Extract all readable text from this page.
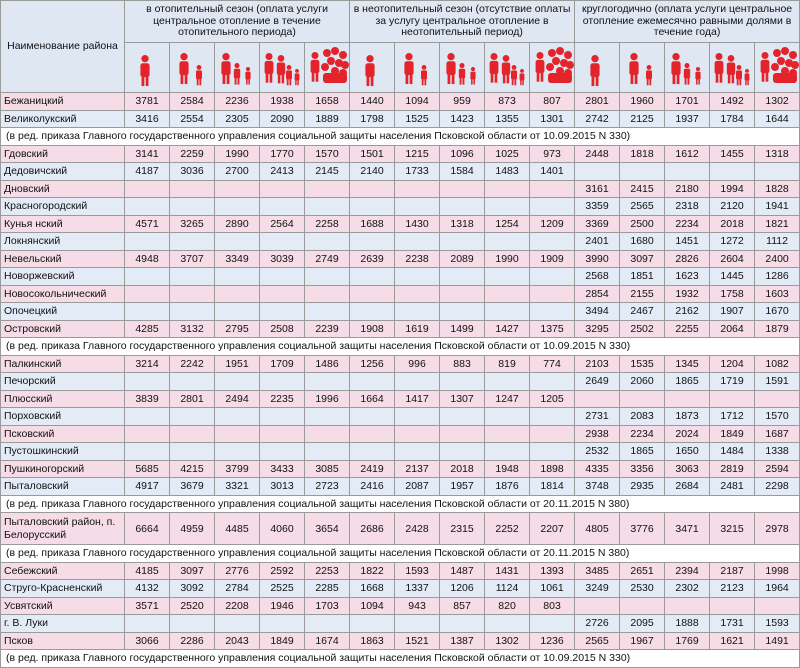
Наименование района	в отопительный сезон (оплата услуги центральное отопление в течение отопительного периода)					в неотопительный сезон (отсутствие оплаты за услугу центральное отопление в неотопительный период)					круглогодично (оплата услуги центральное отопление ежемесячно равными долями в течение года)				

Бежаницкий	3781	2584	2236	1938	1658	1440	1094	959	873	807	2801	1960	1701	1492	1302
Великолукский	3416	2554	2305	2090	1889	1798	1525	1423	1355	1301	2742	2125	1937	1784	1644
(в ред. приказа Главного государственного управления социальной защиты населения Псковской области от 10.09.2015 N 330)															
Гдовский	3141	2259	1990	1770	1570	1501	1215	1096	1025	973	2448	1818	1612	1455	1318
Дедовичский	4187	3036	2700	2413	2145	2140	1733	1584	1483	1401					
Дновский											3161	2415	2180	1994	1828
Красногородский											3359	2565	2318	2120	1941
Кунья нский	4571	3265	2890	2564	2258	1688	1430	1318	1254	1209	3369	2500	2234	2018	1821
Локнянский											2401	1680	1451	1272	1112
Невельский	4948	3707	3349	3039	2749	2639	2238	2089	1990	1909	3990	3097	2826	2604	2400
Новоржевский											2568	1851	1623	1445	1286
Новосокольнический											2854	2155	1932	1758	1603
Опочецкий											3494	2467	2162	1907	1670
Островский	4285	3132	2795	2508	2239	1908	1619	1499	1427	1375	3295	2502	2255	2064	1879
(в ред. приказа Главного государственного управления социальной защиты населения Псковской области от 10.09.2015 N 330)															
Палкинский	3214	2242	1951	1709	1486	1256	996	883	819	774	2103	1535	1345	1204	1082
Печорский											2649	2060	1865	1719	1591
Плюсский	3839	2801	2494	2235	1996	1664	1417	1307	1247	1205					
Порховский											2731	2083	1873	1712	1570
Псковский											2938	2234	2024	1849	1687
Пустошкинский											2532	1865	1650	1484	1338
Пушкиногорский	5685	4215	3799	3433	3085	2419	2137	2018	1948	1898	4335	3356	3063	2819	2594
Пыталовский	4917	3679	3321	3013	2723	2416	2087	1957	1876	1814	3748	2935	2684	2481	2298
(в ред. приказа Главного государственного управления социальной защиты населения Псковской области от 20.11.2015 N 380)															
Пыталовский район, п. Белорусский	6664	4959	4485	4060	3654	2686	2428	2315	2252	2207	4805	3776	3471	3215	2978
(в ред. приказа Главного государственного управления социальной защиты населения Псковской области от 20.11.2015 N 380)															
Себежский	4185	3097	2776	2592	2253	1822	1593	1487	1431	1393	3485	2651	2394	2187	1998
Струго-Красненский	4132	3092	2784	2525	2285	1668	1337	1206	1124	1061	3249	2530	2302	2123	1964
Усвятский	3571	2520	2208	1946	1703	1094	943	857	820	803					
г. В. Луки											2726	2095	1888	1731	1593
Псков	3066	2286	2043	1849	1674	1863	1521	1387	1302	1236	2565	1967	1769	1621	1491
(в ред. приказа Главного государственного управления социальной защиты населения Псковской области от 10.09.2015 N 330)															
